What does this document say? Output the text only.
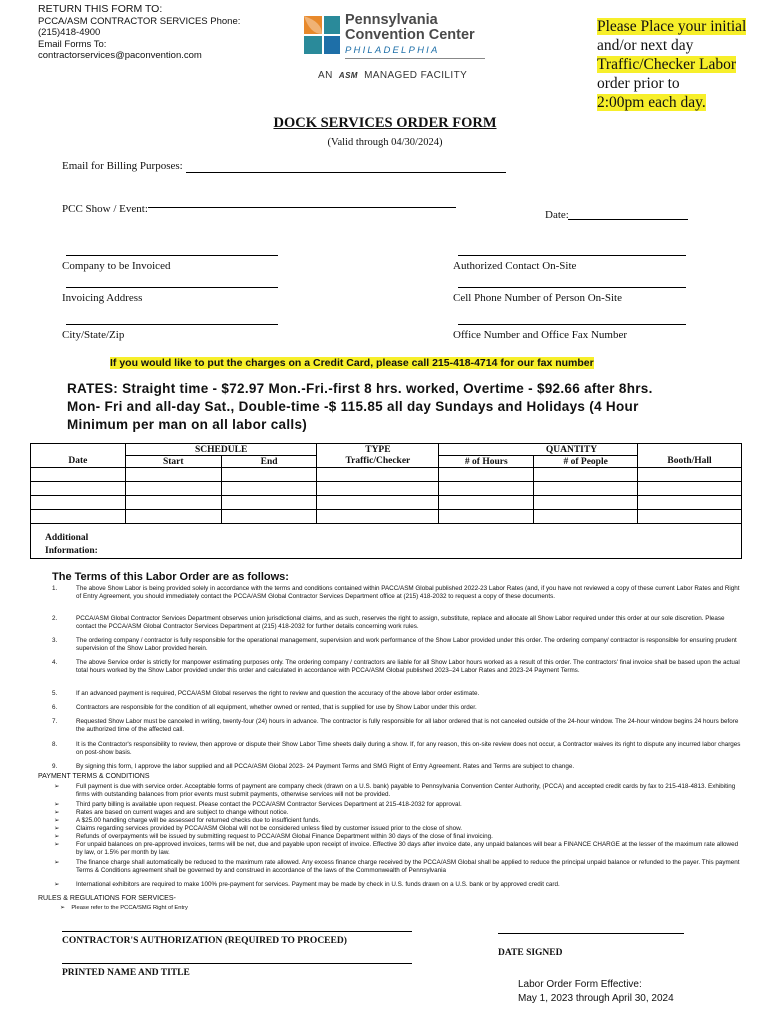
RETURN THIS FORM TO:
PCCA/ASM CONTRACTOR SERVICES Phone:
(215)418-4900
Email Forms To:
contractorservices@paconvention.com
Pennsylvania
Convention Center
PHILADELPHIA
AN ASM MANAGED FACILITY
Please Place your initial
and/or next day
Traffic/Checker Labor
order prior to
2:00pm each day.
DOCK SERVICES ORDER FORM
(Valid through 04/30/2024)
Email for Billing Purposes:
PCC Show / Event:	Date:
Company to be Invoiced	Authorized Contact On-Site
Invoicing Address	Cell Phone Number of Person On-Site
City/State/Zip	Office Number and Office Fax Number
If you would like to put the charges on a Credit Card, please call 215-418-4714 for our fax number
RATES: Straight time - $72.97 Mon.-Fri.-first 8 hrs. worked, Overtime - $92.66 after 8hrs. Mon- Fri and all-day Sat., Double-time -$ 115.85 all day Sundays and Holidays (4 Hour Minimum per man on all labor calls)
	SCHEDULE		TYPE	QUANTITY		
Date	Start	End	Traffic/Checker	# of Hours	# of People	Booth/Hall

Additional
Information:						
The Terms of this Labor Order are as follows:
1.	The above Show Labor is being provided solely in accordance with the terms and conditions contained within PACC/ASM Global published 2022-23 Labor Rates (and, if you have not reviewed a copy of these current Labor Rates and Right of Entry Agreement, you should immediately contact the PCCA/ASM Global Contractor Services Department office at (215) 418-2032 to request a copy of these documents.
2.	PCCA/ASM Global Contractor Services Department observes union jurisdictional claims, and as such, reserves the right to assign, substitute, replace and allocate all Show Labor required under this order at our sole discretion. Please contact the PCCA/ASM Global Contractor Services Department at (215) 418-2032 for further details concerning work rules.
3.	The ordering company / contractor is fully responsible for the operational management, supervision and work performance of the Show Labor provided under this order. The ordering company/ contractor is responsible for ensuring prudent supervision of the Show Labor provided herein.
4.	The above Service order is strictly for manpower estimating purposes only. The ordering company / contractors are liable for all Show Labor hours worked as a result of this order. The contractors' final invoice shall be based upon the actual total hours worked by the Show Labor provided under this order and calculated in accordance with PCCA/ASM Global published 2023–24 Labor Rates and 2023-24 Payment Terms.
5.	If an advanced payment is required, PCCA/ASM Global reserves the right to review and question the accuracy of the above labor order estimate.
6.	Contractors are responsible for the condition of all equipment, whether owned or rented, that is supplied for use by Show Labor under this order.
7.	Requested Show Labor must be canceled in writing, twenty-four (24) hours in advance. The contractor is fully responsible for all labor ordered that is not canceled outside of the 24-hour window. The 24-hour window begins 24 hours before the authorized time of the affected call.
8.	It is the Contractor's responsibility to review, then approve or dispute their Show Labor Time sheets daily during a show. If, for any reason, this on-site review does not occur, a Contractor waives its right to dispute any incurred labor charges on post-show basis.
9.	By signing this form, I approve the labor supplied and all PCCA/ASM Global 2023- 24 Payment Terms and SMG Right of Entry Agreement. Rates and Terms are subject to change.
PAYMENT TERMS & CONDITIONS
➢	Full payment is due with service order. Acceptable forms of payment are company check (drawn on a U.S. bank) payable to Pennsylvania Convention Center Authority, (PCCA) and accepted credit cards by fax to 215-418-4813. Exhibiting firms with outstanding balances from prior events must submit payments, otherwise services will not be provided.
➢	Third party billing is available upon request. Please contact the PCCA/ASM Contractor Services Department at 215-418-2032 for approval.
➢	Rates are based on current wages and are subject to change without notice.
➢	A $25.00 handling charge will be assessed for returned checks due to insufficient funds.
➢	Claims regarding services provided by PCCA/ASM Global will not be considered unless filed by customer issued prior to the close of show.
➢	Refunds of overpayments will be issued by submitting request to PCCA/ASM Global Finance Department within 30 days of the close of final invoicing.
➢	For unpaid balances on pre-approved invoices, terms will be net, due and payable upon receipt of invoice. Effective 30 days after invoice date, any unpaid balances will bear a FINANCE CHARGE at the lesser of the maximum rate allowed by law, or 1.5% per month by law.
➢	The finance charge shall automatically be reduced to the maximum rate allowed. Any excess finance charge received by the PCCA/ASM Global shall be applied to reduce the principal unpaid balance or refunded to the payer. This payment Terms & Conditions agreement shall be governed by and construed in accordance of the laws of the Commonwealth of Pennsylvania
➢	International exhibitors are required to make 100% pre-payment for services. Payment may be made by check in U.S. funds drawn on a U.S. bank or by approved credit card.
RULES & REGULATIONS FOR SERVICES-
➢ Please refer to the PCCA/SMG Right of Entry
CONTRACTOR'S AUTHORIZATION (REQUIRED TO PROCEED)
PRINTED NAME AND TITLE
DATE SIGNED
Labor Order Form Effective:
May 1, 2023 through April 30, 2024
